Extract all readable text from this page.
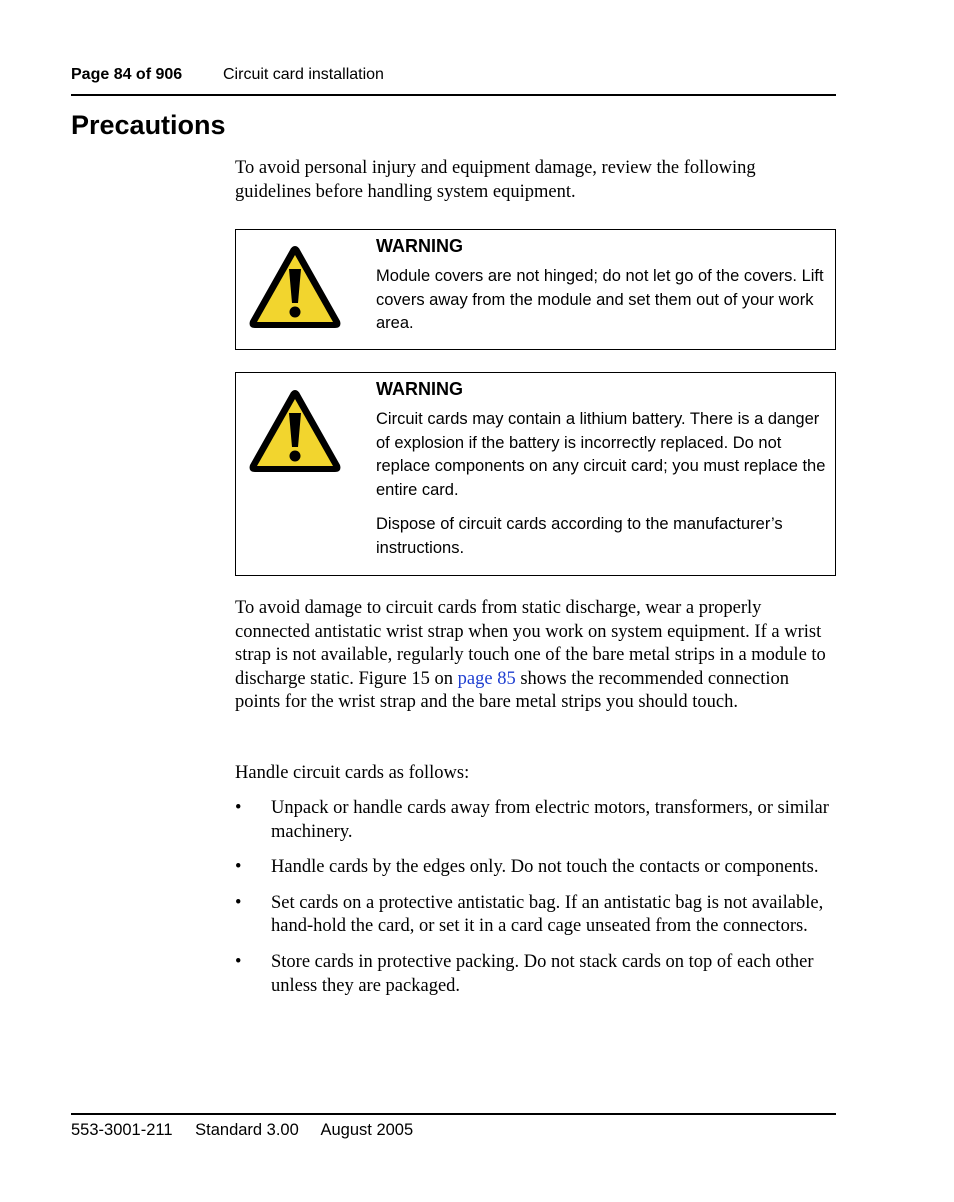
Page 84 of 906	Circuit card installation
Precautions

To avoid personal injury and equipment damage, review the following guidelines before handling system equipment.

WARNING

Module covers are not hinged; do not let go of the covers. Lift covers away from the module and set them out of your work area.

WARNING

Circuit cards may contain a lithium battery. There is a danger of explosion if the battery is incorrectly replaced. Do not replace components on any circuit card; you must replace the entire card.

Dispose of circuit cards according to the manufacturer’s instructions.

To avoid damage to circuit cards from static discharge, wear a properly connected antistatic wrist strap when you work on system equipment. If a wrist strap is not available, regularly touch one of the bare metal strips in a module to discharge static. Figure 15 on page 85 shows the recommended connection points for the wrist strap and the bare metal strips you should touch.

Handle circuit cards as follows:

• Unpack or handle cards away from electric motors, transformers, or similar machinery.
• Handle cards by the edges only. Do not touch the contacts or components.
• Set cards on a protective antistatic bag. If an antistatic bag is not available, hand-hold the card, or set it in a card cage unseated from the connectors.
• Store cards in protective packing. Do not stack cards on top of each other unless they are packaged.
553-3001-211 Standard 3.00 August 2005
